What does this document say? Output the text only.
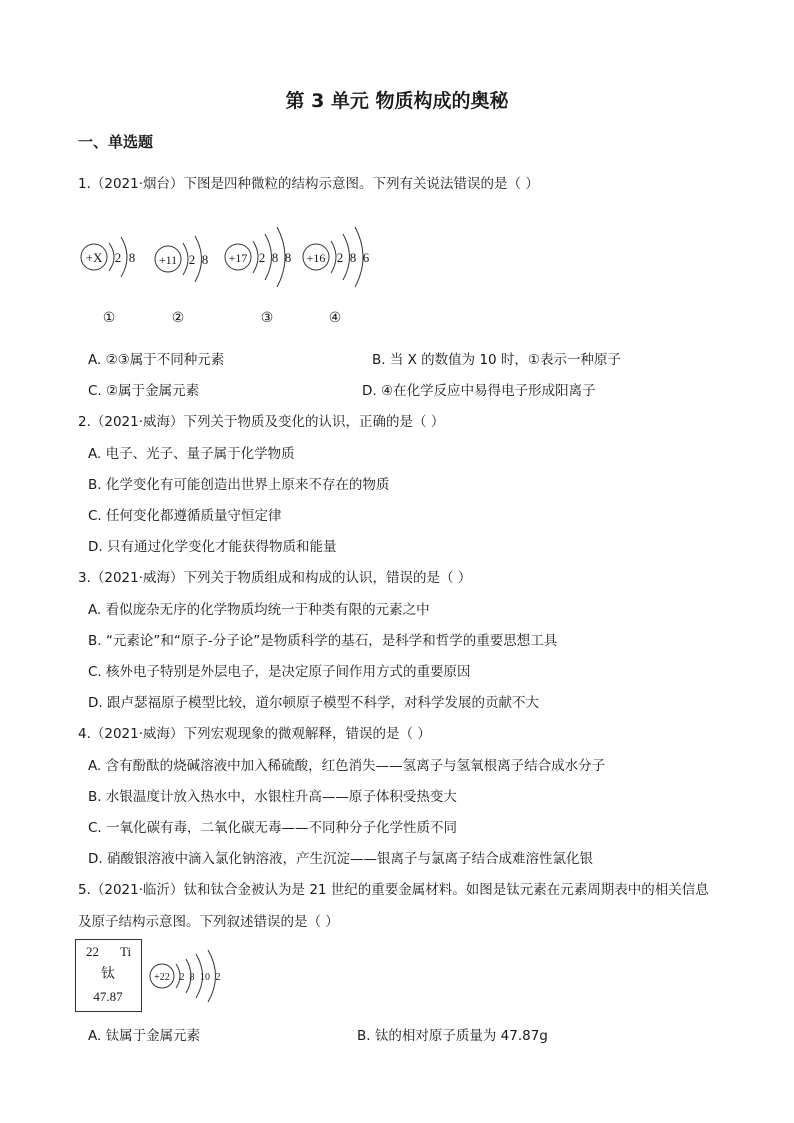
第 3 单元 物质构成的奥秘
一、单选题
1.（2021·烟台）下图是四种微粒的结构示意图。下列有关说法错误的是（ ）
+X 2 8
①
+11 2 8
②
+17 2 8 8
③
+16 2 8 6
④
A. ②③属于不同种元素	B. 当 X 的数值为 10 时，①表示一种原子
C. ②属于金属元素	D. ④在化学反应中易得电子形成阳离子
2.（2021·威海）下列关于物质及变化的认识，正确的是（ ）
A. 电子、光子、量子属于化学物质
B. 化学变化有可能创造出世界上原来不存在的物质
C. 任何变化都遵循质量守恒定律
D. 只有通过化学变化才能获得物质和能量
3.（2021·威海）下列关于物质组成和构成的认识，错误的是（ ）
A. 看似庞杂无序的化学物质均统一于种类有限的元素之中
B. “元素论”和“原子-分子论”是物质科学的基石，是科学和哲学的重要思想工具
C. 核外电子特别是外层电子，是决定原子间作用方式的重要原因
D. 跟卢瑟福原子模型比较，道尔顿原子模型不科学，对科学发展的贡献不大
4.（2021·威海）下列宏观现象的微观解释，错误的是（ ）
A. 含有酚酞的烧碱溶液中加入稀硫酸，红色消失——氢离子与氢氧根离子结合成水分子
B. 水银温度计放入热水中，水银柱升高——原子体积受热变大
C. 一氧化碳有毒，二氧化碳无毒——不同种分子化学性质不同
D. 硝酸银溶液中滴入氯化钠溶液，产生沉淀——银离子与氯离子结合成难溶性氯化银
5.（2021·临沂）钛和钛合金被认为是 21 世纪的重要金属材料。如图是钛元素在元素周期表中的相关信息
及原子结构示意图。下列叙述错误的是（ ）
22 Ti
钛
47.87
+22 2 8 10 2
A. 钛属于金属元素	B. 钛的相对原子质量为 47.87g
